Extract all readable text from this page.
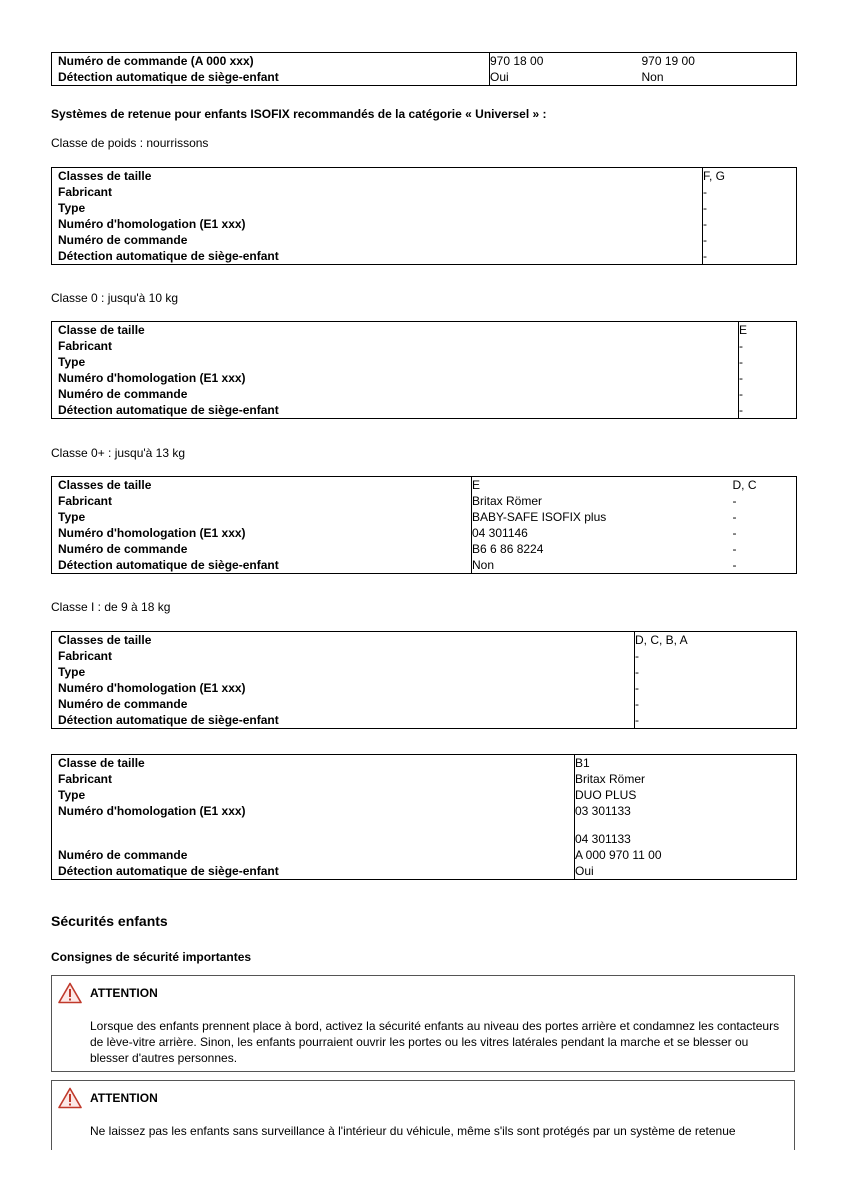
Numéro de commande (A 000 xxx)	970 18 00	970 19 00
Détection automatique de siège-enfant	Oui	Non
Systèmes de retenue pour enfants ISOFIX recommandés de la catégorie « Universel » :
Classe de poids : nourrissons
Classes de taille	F, G
Fabricant	-
Type	-
Numéro d'homologation (E1 xxx)	-
Numéro de commande	-
Détection automatique de siège-enfant	-
Classe 0 : jusqu'à 10 kg
Classe de taille	E
Fabricant	-
Type	-
Numéro d'homologation (E1 xxx)	-
Numéro de commande	-
Détection automatique de siège-enfant	-
Classe 0+ : jusqu'à 13 kg
Classes de taille	E	D, C
Fabricant	Britax Römer	-
Type	BABY-SAFE ISOFIX plus	-
Numéro d'homologation (E1 xxx)	04 301146	-
Numéro de commande	B6 6 86 8224	-
Détection automatique de siège-enfant	Non	-
Classe I : de 9 à 18 kg
Classes de taille	D, C, B, A
Fabricant	-
Type	-
Numéro d'homologation (E1 xxx)	-
Numéro de commande	-
Détection automatique de siège-enfant	-
Classe de taille	B1
Fabricant	Britax Römer
Type	DUO PLUS
Numéro d'homologation (E1 xxx)	03 301133
04 301133

Numéro de commande	A 000 970 11 00
Détection automatique de siège-enfant	Oui
Sécurités enfants
Consignes de sécurité importantes
ATTENTION
Lorsque des enfants prennent place à bord, activez la sécurité enfants au niveau des portes arrière et condamnez les contacteurs de lève-vitre arrière. Sinon, les enfants pourraient ouvrir les portes ou les vitres latérales pendant la marche et se blesser ou blesser d'autres personnes.
ATTENTION
Ne laissez pas les enfants sans surveillance à l'intérieur du véhicule, même s'ils sont protégés par un système de retenue
